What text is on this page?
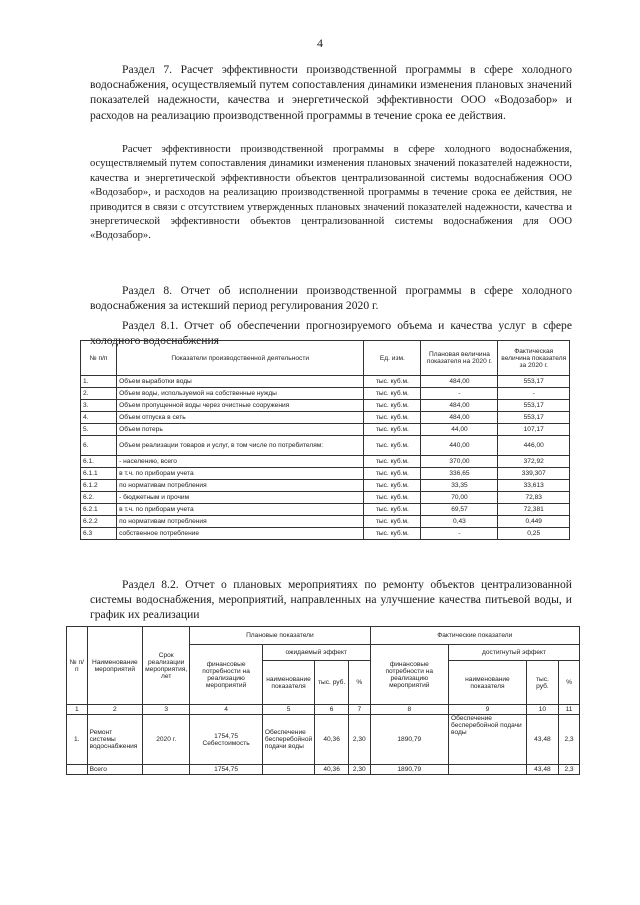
4

Раздел 7. Расчет эффективности производственной программы в сфере холодного водоснабжения, осуществляемый путем сопоставления динамики изменения плановых значений показателей надежности, качества и энергетической эффективности ООО «Водозабор» и расходов на реализацию производственной программы в течение срока ее действия.

Расчет эффективности производственной программы в сфере холодного водоснабжения, осуществляемый путем сопоставления динамики изменения плановых значений показателей надежности, качества и энергетической эффективности объектов централизованной системы водоснабжения ООО «Водозабор», и расходов на реализацию производственной программы в течение срока ее действия, не приводится в связи с отсутствием утвержденных плановых значений показателей надежности, качества и энергетической эффективности объектов централизованной системы водоснабжения для ООО «Водозабор».

Раздел 8. Отчет об исполнении производственной программы в сфере холодного водоснабжения за истекший период регулирования 2020 г.

Раздел 8.1. Отчет об обеспечении прогнозируемого объема и качества услуг в сфере холодного водоснабжения

№ п/п	Показатели производственной деятельности	Ед. изм.	Плановая величина показателя на 2020 г.	Фактическая величина показателя за 2020 г.
1.	Объем выработки воды	тыс. куб.м.	484,00	553,17
2.	Объем воды, используемой на собственные нужды	тыс. куб.м.	-	-
3.	Объем пропущенной воды через очистные сооружения	тыс. куб.м.	484,00	553,17
4.	Объем отпуска в сеть	тыс. куб.м.	484,00	553,17
5.	Объем потерь	тыс. куб.м.	44,00	107,17
6.	Объем реализации товаров и услуг, в том числе по потребителям:	тыс. куб.м.	440,00	446,00
6.1.	- населению, всего	тыс. куб.м.	370,00	372,92
6.1.1	в т.ч. по приборам учета	тыс. куб.м.	336,65	339,307
6.1.2	по нормативам потребления	тыс. куб.м.	33,35	33,613
6.2.	- бюджетным и прочим	тыс. куб.м.	70,00	72,83
6.2.1	в т.ч. по приборам учета	тыс. куб.м.	69,57	72,381
6.2.2	по нормативам потребления	тыс. куб.м.	0,43	0,449
6.3	собственное потребление	тыс. куб.м.	-	0,25

Раздел 8.2. Отчет о плановых мероприятиях по ремонту объектов централизованной системы водоснабжения, мероприятий, направленных на улучшение качества питьевой воды, и график их реализации

№ п/п	Наименование мероприятий	Срок реализации мероприятия, лет	Плановые показатели				Фактические показатели			
			финансовые потребности на реализацию мероприятий	ожидаемый эффект			финансовые потребности на реализацию мероприятий	достигнутый эффект		
				наименование показателя	тыс. руб.	%		наименование показателя	тыс. руб.	%
1	2	3	4	5	6	7	8	9	10	11
1.	Ремонт системы водоснабжения	2020 г.	1754,75 Себестоимость	Обеспечение бесперебойной подачи воды	40,36	2,30	1890,79	Обеспечение бесперебойной подачи воды	43,48	2,3
	Всего		1754,75		40,36	2,30	1890,79		43,48	2,3
